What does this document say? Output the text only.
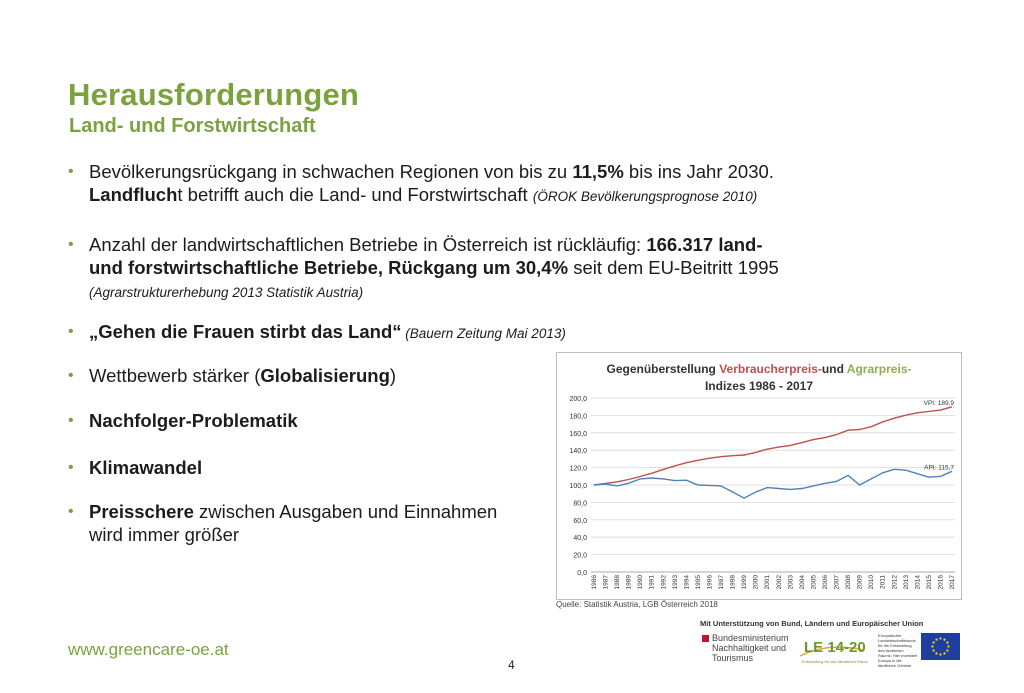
Herausforderungen
Land- und Forstwirtschaft
• Bevölkerungsrückgang in schwachen Regionen von bis zu 11,5% bis ins Jahr 2030.
Landflucht betrifft auch die Land- und Forstwirtschaft (ÖROK Bevölkerungsprognose 2010)
• Anzahl der landwirtschaftlichen Betriebe in Österreich ist rückläufig: 166.317 land-
und forstwirtschaftliche Betriebe, Rückgang um 30,4% seit dem EU-Beitritt 1995
(Agrarstrukturerhebung 2013 Statistik Austria)
• „Gehen die Frauen stirbt das Land“ (Bauern Zeitung Mai 2013)
• Wettbewerb stärker (Globalisierung)
• Nachfolger-Problematik
• Klimawandel
• Preisschere zwischen Ausgaben und Einnahmen
wird immer größer
Gegenüberstellung Verbraucherpreis-und Agrarpreis-
Indizes 1986 - 2017
0,0
20,0
40,0
60,0
80,0
100,0
120,0
140,0
160,0
180,0
200,0
1986 1987 1988 1989 1990 1991 1992 1993 1994 1995 1996 1997 1998 1999 2000 2001 2002 2003 2004 2005 2006 2007 2008 2009 2010 2011 2012 2013 2014 2015 2016 2017
VPI: 189,9
API: 115,7
Quelle: Statistik Austria, LGB Österreich 2018
www.greencare-oe.at
4
Mit Unterstützung von Bund, Ländern und Europäischer Union
Bundesministerium
Nachhaltigkeit und
Tourismus
LE 14-20
Entwicklung für den ländlichen Raum
Europäischer Landwirtschaftsfonds für die Entwicklung des ländlichen Raums: Hier investiert Europa in die ländlichen Gebiete
